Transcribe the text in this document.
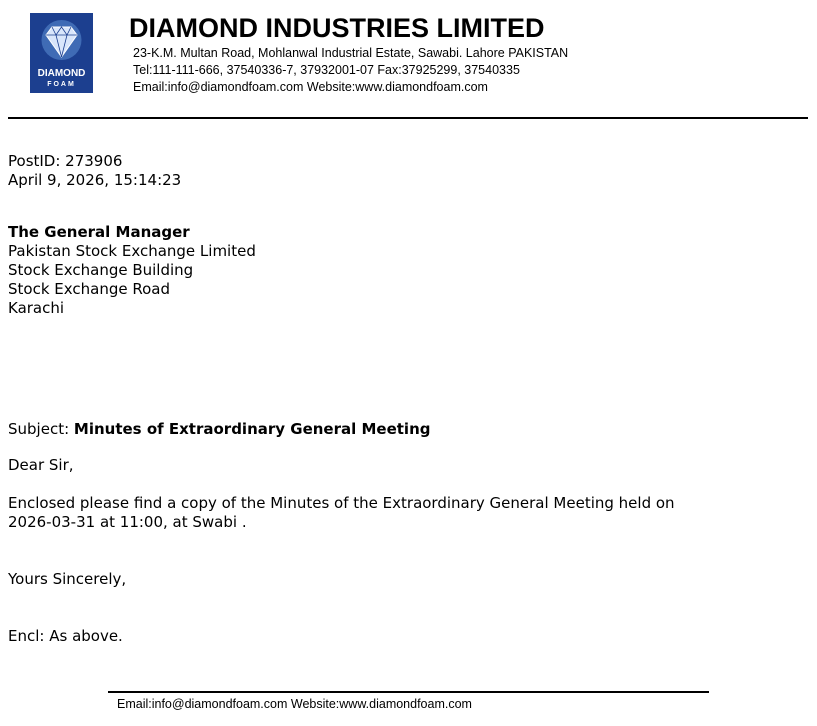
DIAMOND
FOAM
DIAMOND INDUSTRIES LIMITED
23-K.M. Multan Road, Mohlanwal Industrial Estate, Sawabi. Lahore PAKISTAN
Tel:111-111-666, 37540336-7, 37932001-07 Fax:37925299, 37540335
Email:info@diamondfoam.com Website:www.diamondfoam.com
PostID: 273906
April 9, 2026, 15:14:23
The General Manager
Pakistan Stock Exchange Limited
Stock Exchange Building
Stock Exchange Road
Karachi
Subject: Minutes of Extraordinary General Meeting
Dear Sir,
Enclosed please find a copy of the Minutes of the Extraordinary General Meeting held on
2026-03-31 at 11:00, at Swabi .
Yours Sincerely,
Encl: As above.
Email:info@diamondfoam.com Website:www.diamondfoam.com
